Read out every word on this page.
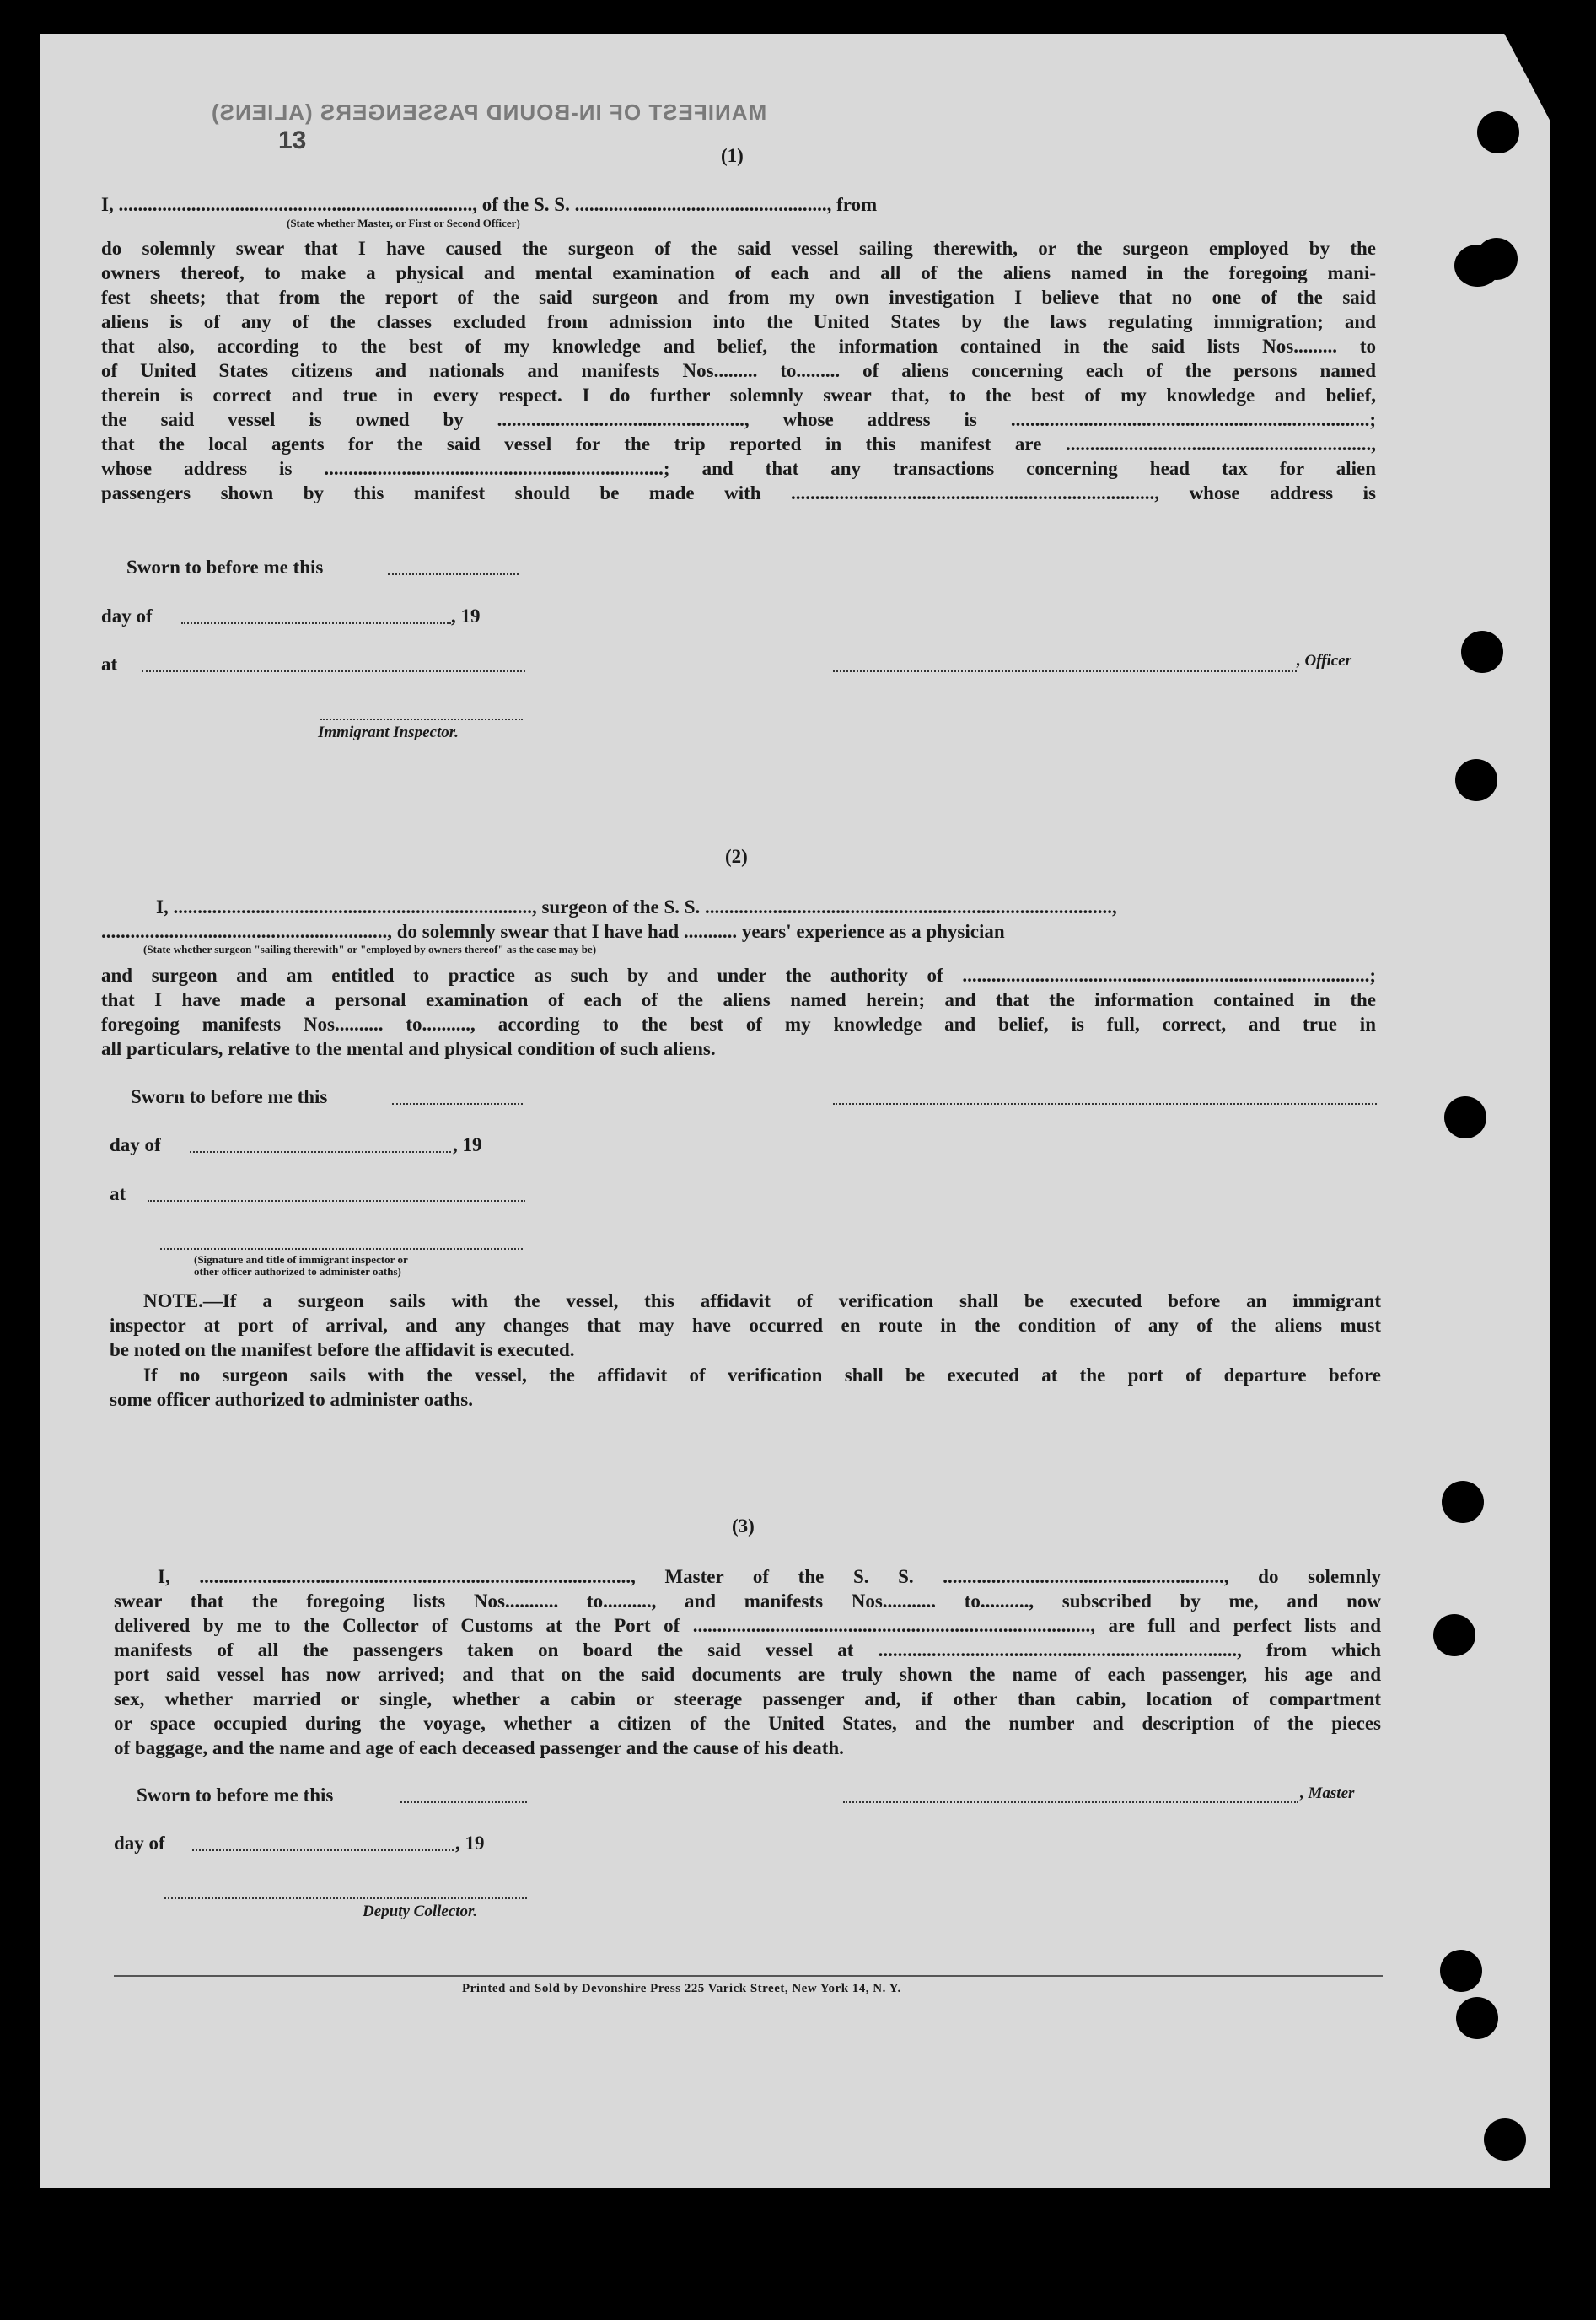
MANIFEST OF IN-BOUND PASSENGERS (ALIENS)
13
(1)
I, ........................................................................., of the S. S. ...................................................., from
(State whether Master, or First or Second Officer)
do solemnly swear that I have caused the surgeon of the said vessel sailing therewith, or the surgeon employed by the
owners thereof, to make a physical and mental examination of each and all of the aliens named in the foregoing mani-
fest sheets; that from the report of the said surgeon and from my own investigation I believe that no one of the said
aliens is of any of the classes excluded from admission into the United States by the laws regulating immigration; and
that also, according to the best of my knowledge and belief, the information contained in the said lists Nos......... to
of United States citizens and nationals and manifests Nos......... to......... of aliens concerning each of the persons named
therein is correct and true in every respect. I do further solemnly swear that, to the best of my knowledge and belief,
the said vessel is owned by ..................................................., whose address is ..........................................................................;
that the local agents for the said vessel for the trip reported in this manifest are ...............................................................,
whose address is ......................................................................; and that any transactions concerning head tax for alien
passengers shown by this manifest should be made with ..........................................................................., whose address is
Sworn to before me this
day of	, 19
at	, Officer
Immigrant Inspector.
(2)
I, .........................................................................., surgeon of the S. S. ....................................................................................,
..........................................................., do solemnly swear that I have had ........... years' experience as a physician
(State whether surgeon "sailing therewith" or "employed by owners thereof" as the case may be)
and surgeon and am entitled to practice as such by and under the authority of ....................................................................................;
that I have made a personal examination of each of the aliens named herein; and that the information contained in the
foregoing manifests Nos.......... to.........., according to the best of my knowledge and belief, is full, correct, and true in
all particulars, relative to the mental and physical condition of such aliens.
Sworn to before me this
day of	, 19
at
(Signature and title of immigrant inspector or
other officer authorized to administer oaths)
NOTE.—If a surgeon sails with the vessel, this affidavit of verification shall be executed before an immigrant
inspector at port of arrival, and any changes that may have occurred en route in the condition of any of the aliens must
be noted on the manifest before the affidavit is executed.
If no surgeon sails with the vessel, the affidavit of verification shall be executed at the port of departure before
some officer authorized to administer oaths.
(3)
I, ........................................................................................., Master of the S. S. .........................................................., do solemnly
swear that the foregoing lists Nos........... to.........., and manifests Nos........... to.........., subscribed by me, and now
delivered by me to the Collector of Customs at the Port of .................................................................................., are full and perfect lists and
manifests of all the passengers taken on board the said vessel at .........................................................................., from which
port said vessel has now arrived; and that on the said documents are truly shown the name of each passenger, his age and
sex, whether married or single, whether a cabin or steerage passenger and, if other than cabin, location of compartment
or space occupied during the voyage, whether a citizen of the United States, and the number and description of the pieces
of baggage, and the name and age of each deceased passenger and the cause of his death.
Sworn to before me this	, Master
day of	, 19
Deputy Collector.
Printed and Sold by Devonshire Press 225 Varick Street, New York 14, N. Y.
